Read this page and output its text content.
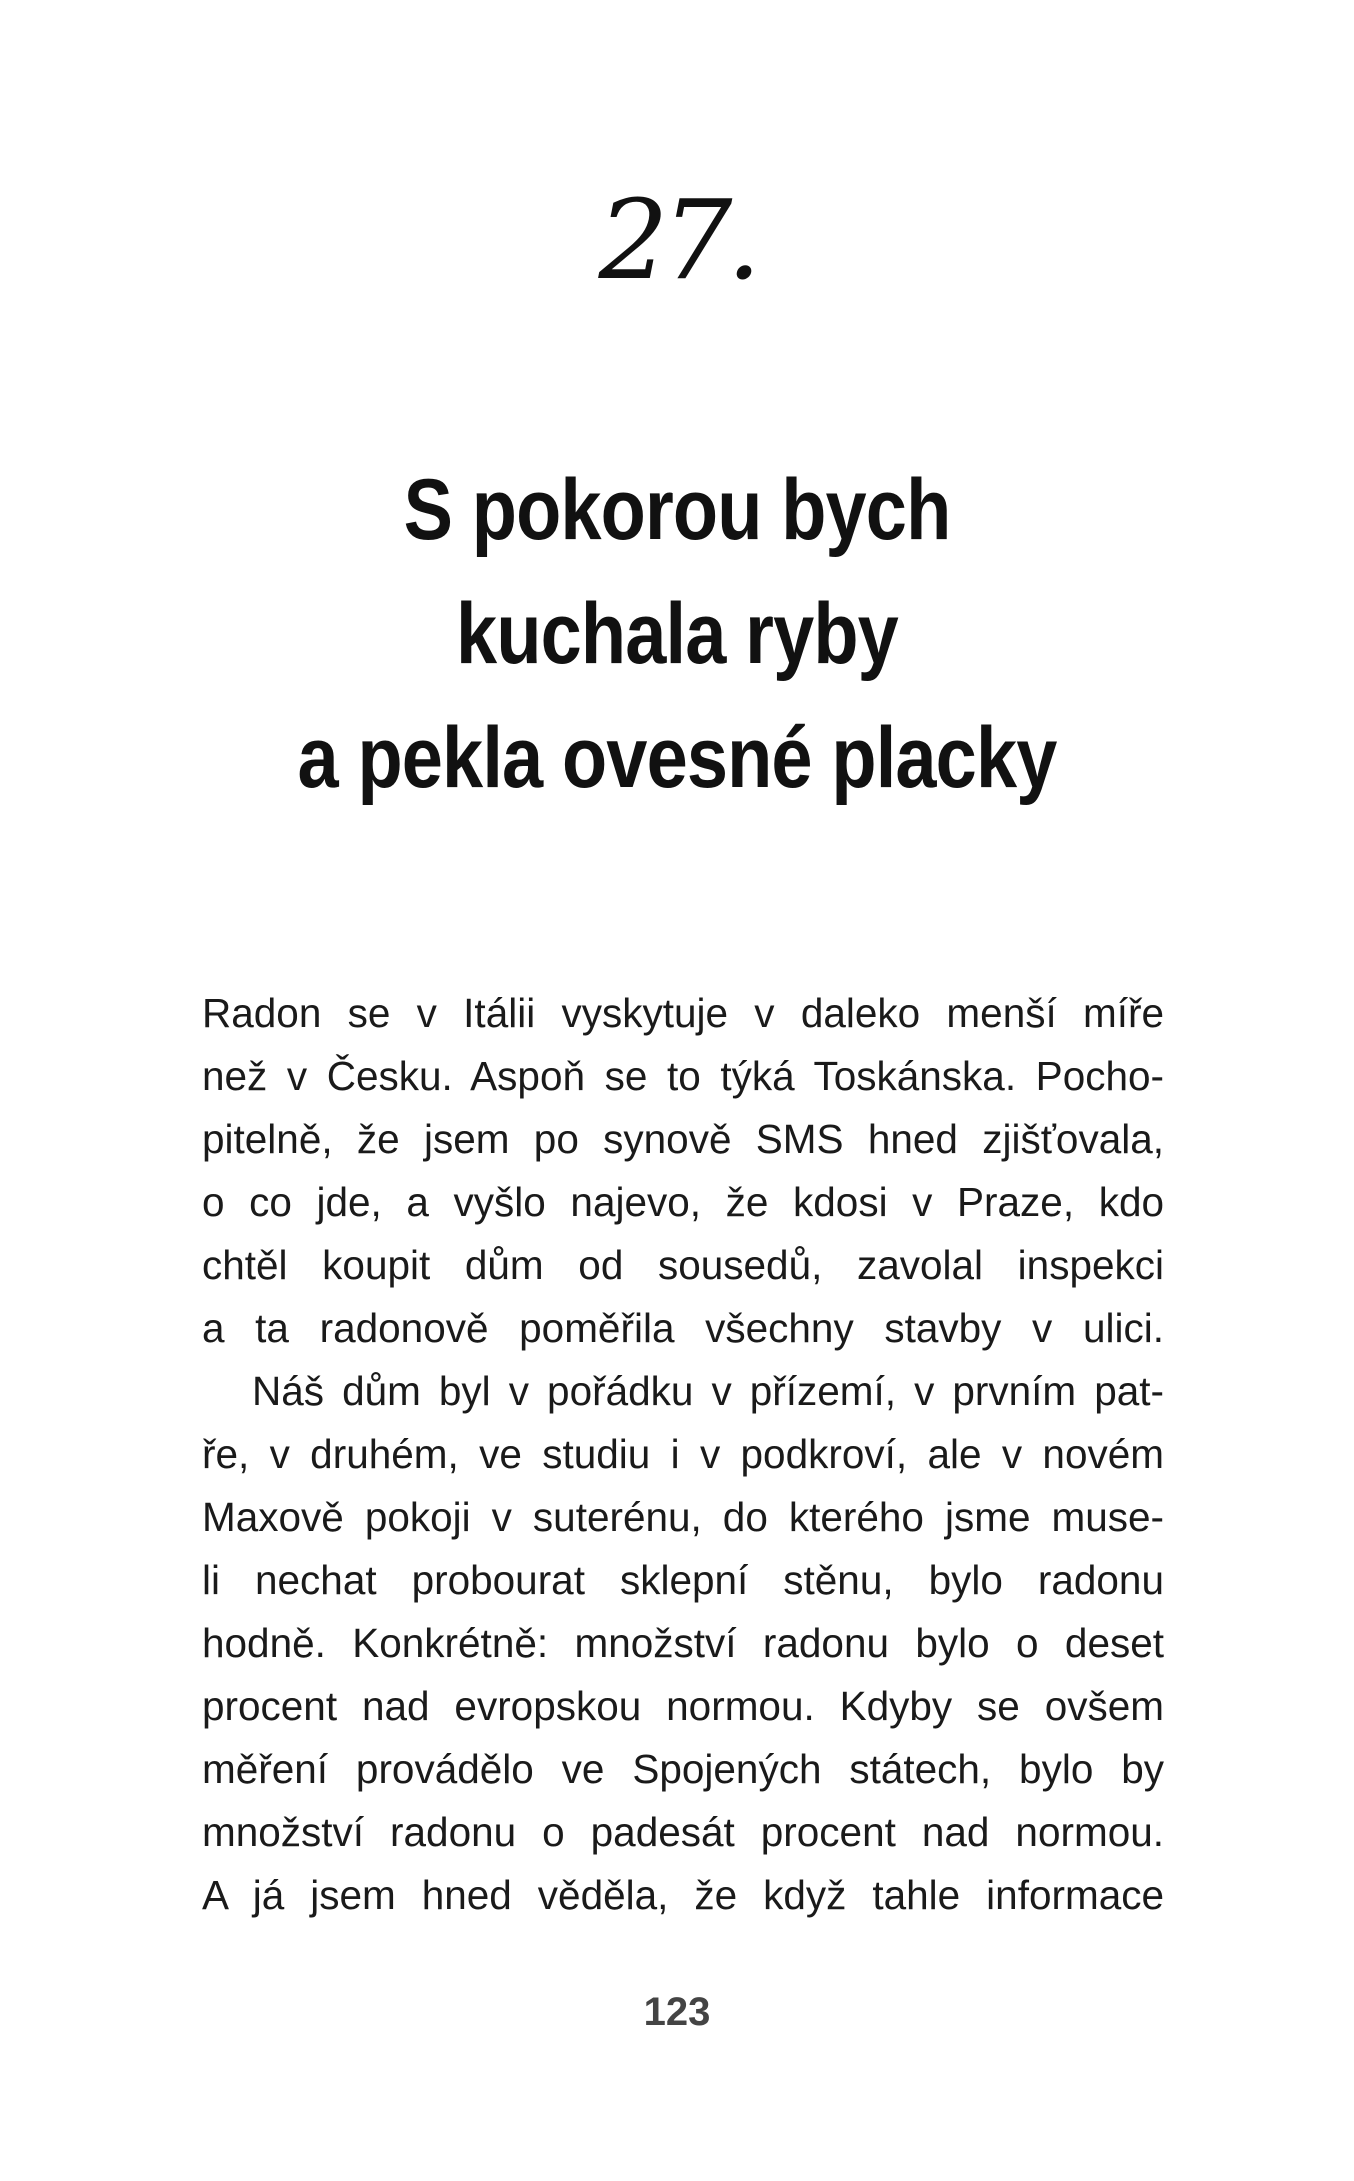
27.
S pokorou bych
kuchala ryby
a pekla ovesné placky
Radon se v Itálii vyskytuje v daleko menší míře
než v Česku. Aspoň se to týká Toskánska. Pocho-
pitelně, že jsem po synově SMS hned zjišťovala,
o co jde, a vyšlo najevo, že kdosi v Praze, kdo
chtěl koupit dům od sousedů, zavolal inspekci
a ta radonově poměřila všechny stavby v ulici.
Náš dům byl v pořádku v přízemí, v prvním pat-
ře, v druhém, ve studiu i v podkroví, ale v novém
Maxově pokoji v suterénu, do kterého jsme muse-
li nechat probourat sklepní stěnu, bylo radonu
hodně. Konkrétně: množství radonu bylo o deset
procent nad evropskou normou. Kdyby se ovšem
měření provádělo ve Spojených státech, bylo by
množství radonu o padesát procent nad normou.
A já jsem hned věděla, že když tahle informace
123
